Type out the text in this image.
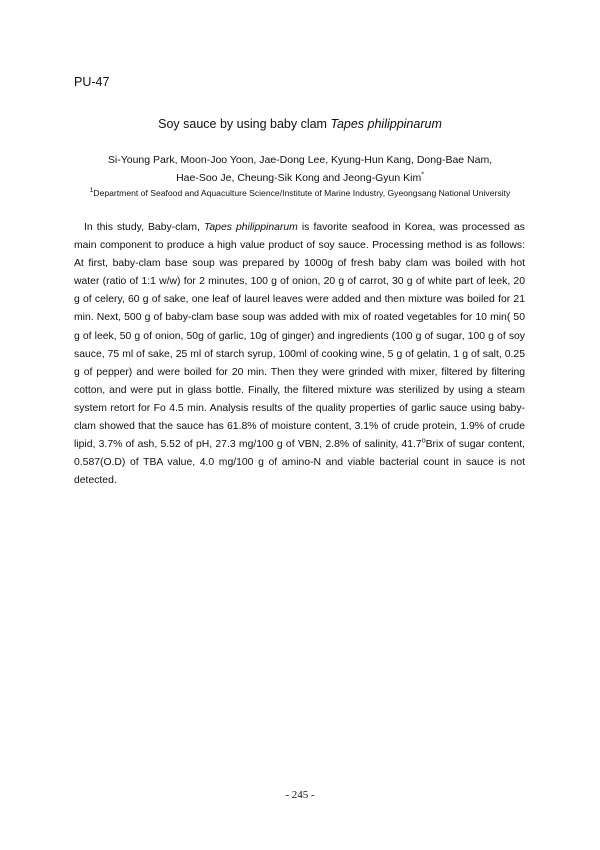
PU-47
Soy sauce by using baby clam Tapes philippinarum
Si-Young Park, Moon-Joo Yoon, Jae-Dong Lee, Kyung-Hun Kang, Dong-Bae Nam,
Hae-Soo Je, Cheung-Sik Kong and Jeong-Gyun Kim*
$^1$Department of Seafood and Aquaculture Science/Institute of Marine Industry, Gyeongsang National University
In this study, Baby-clam, Tapes philippinarum is favorite seafood in Korea, was processed as main component to produce a high value product of soy sauce. Processing method is as follows: At first, baby-clam base soup was prepared by 1000g of fresh baby clam was boiled with hot water (ratio of 1:1 w/w) for 2 minutes, 100 g of onion, 20 g of carrot, 30 g of white part of leek, 20 g of celery, 60 g of sake, one leaf of laurel leaves were added and then mixture was boiled for 21 min. Next, 500 g of baby-clam base soup was added with mix of roated vegetables for 10 min( 50 g of leek, 50 g of onion, 50g of garlic, 10g of ginger) and ingredients (100 g of sugar, 100 g of soy sauce, 75 ml of sake, 25 ml of starch syrup, 100ml of cooking wine, 5 g of gelatin, 1 g of salt, 0.25 g of pepper) and were boiled for 20 min. Then they were grinded with mixer, filtered by filtering cotton, and were put in glass bottle. Finally, the filtered mixture was sterilized by using a steam system retort for Fo 4.5 min. Analysis results of the quality properties of garlic sauce using baby- clam showed that the sauce has 61.8% of moisture content, 3.1% of crude protein, 1.9% of crude lipid, 3.7% of ash, 5.52 of pH, 27.3 mg/100 g of VBN, 2.8% of salinity, 41.7$^o$Brix of sugar content, 0.587(O.D) of TBA value, 4.0 mg/100 g of amino-N and viable bacterial count in sauce is not detected.
- 245 -
